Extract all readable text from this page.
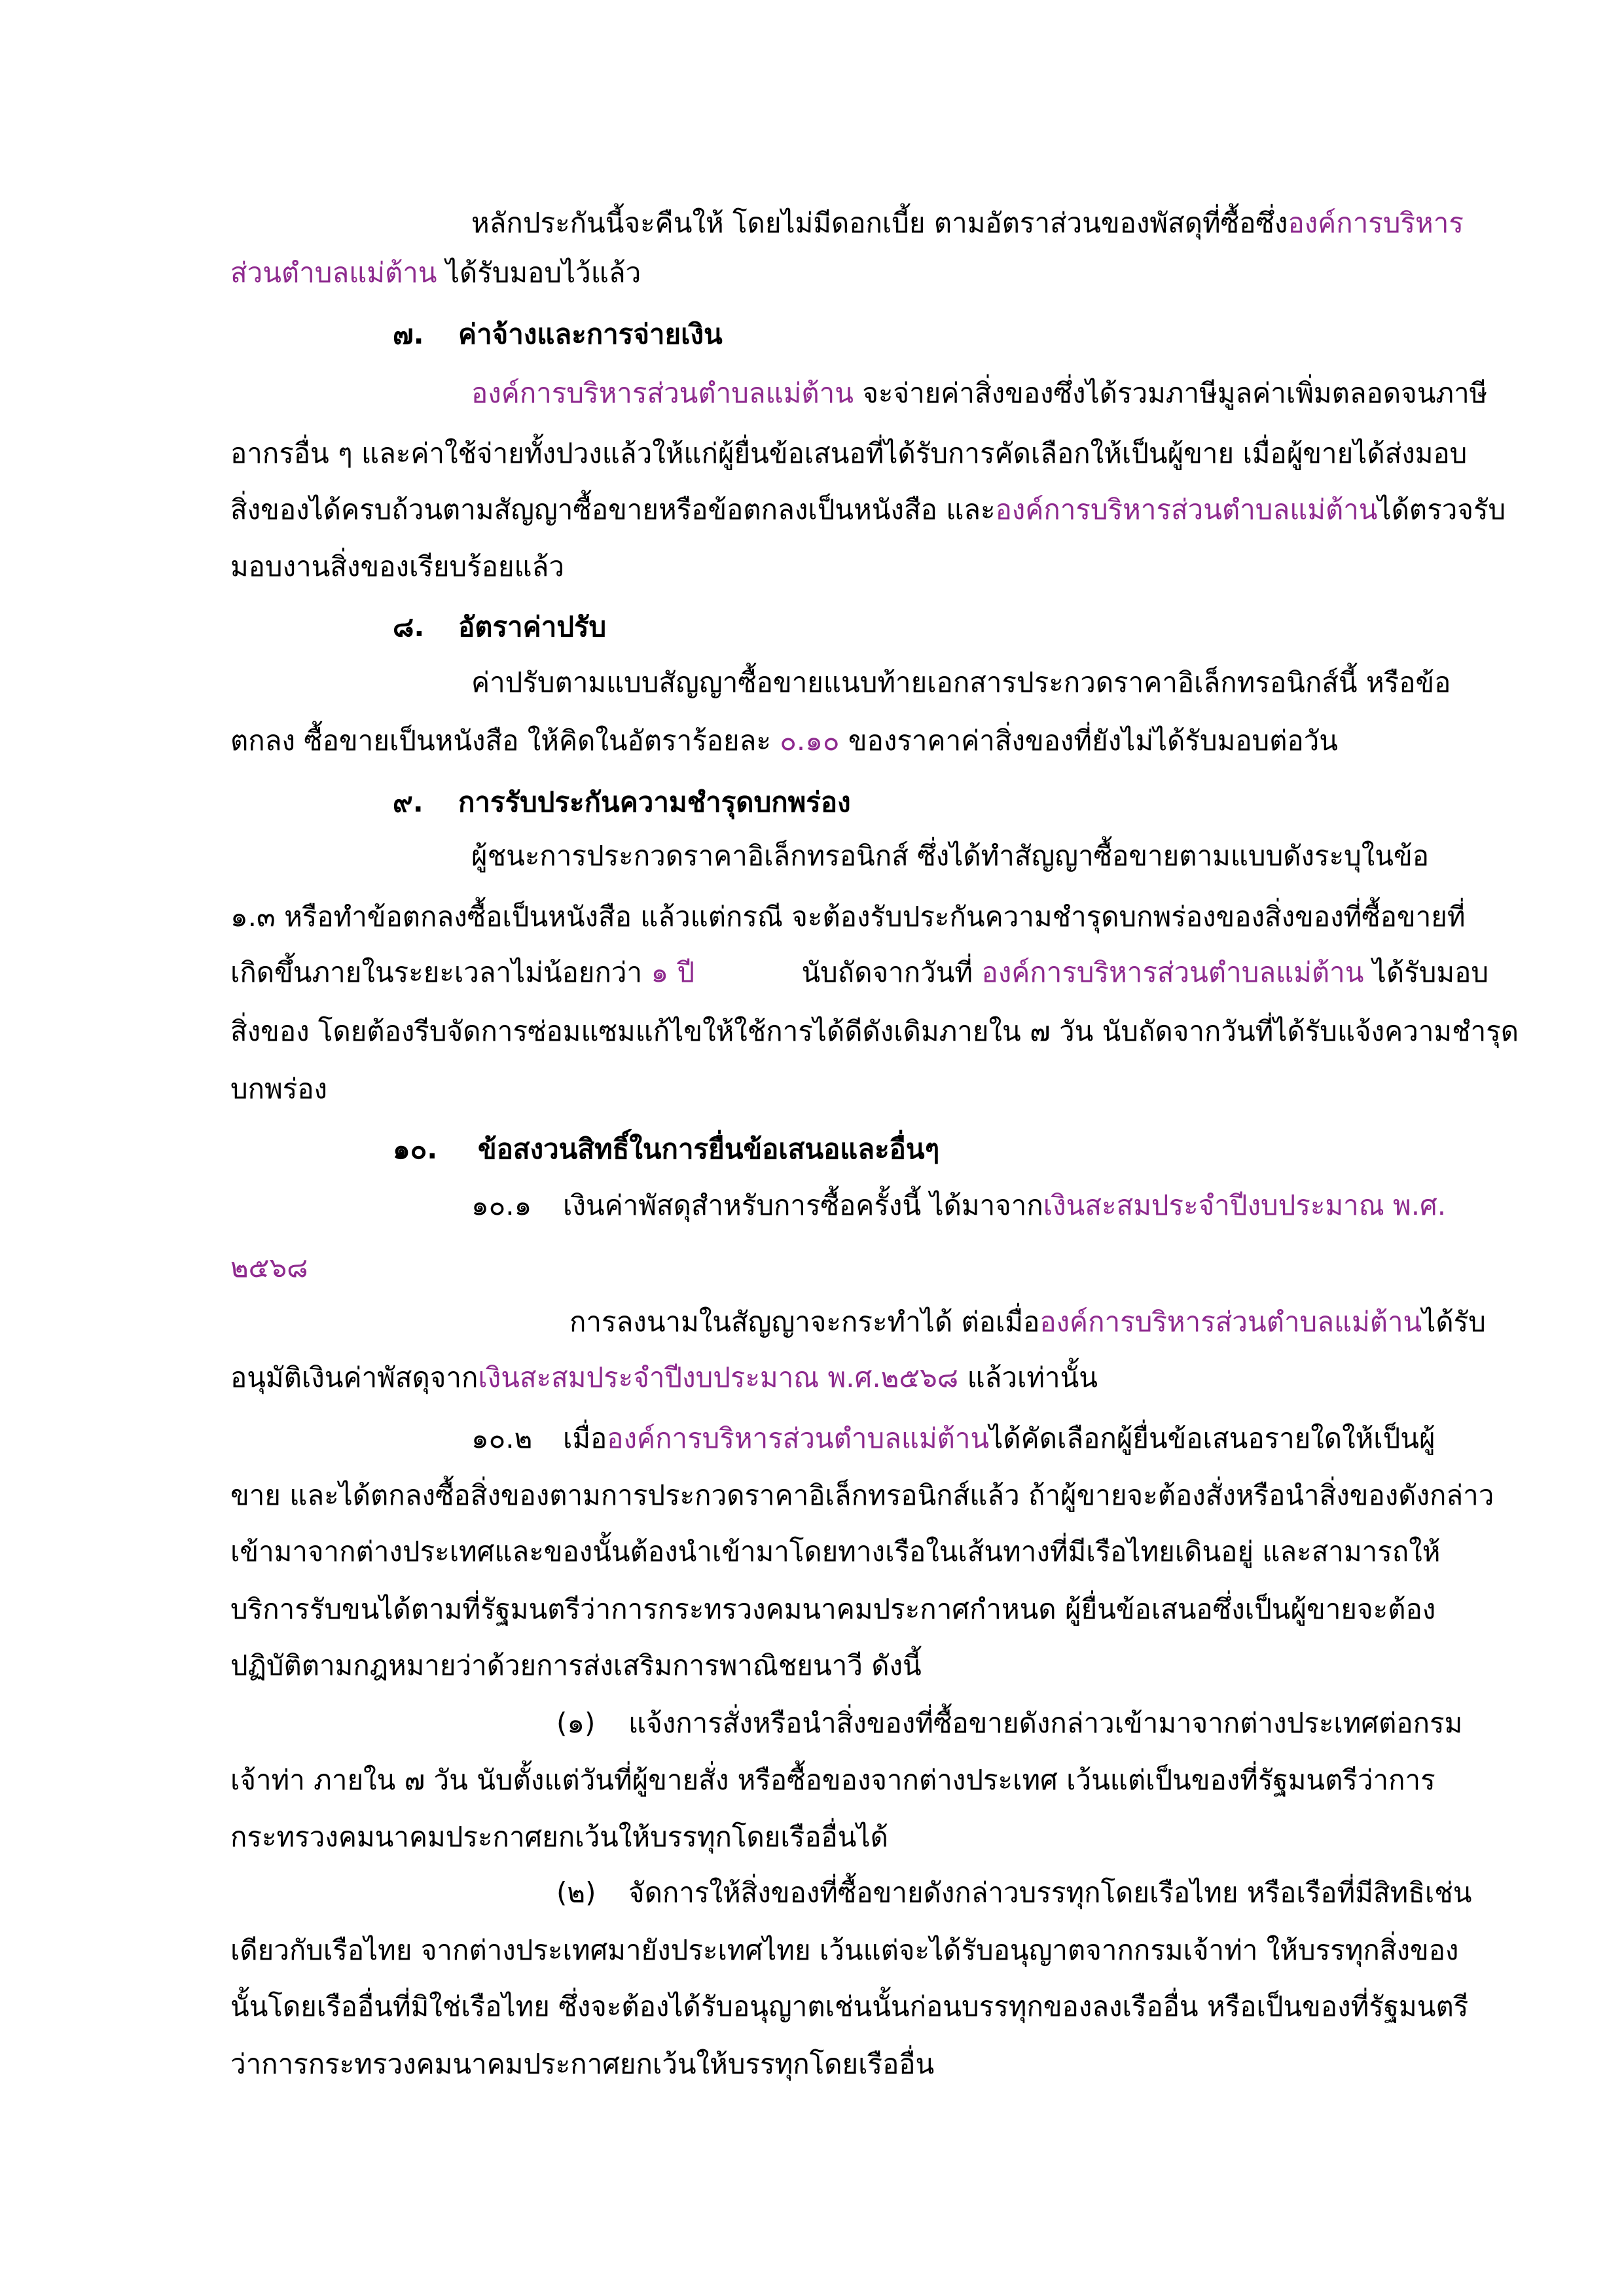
หลักประกันนี้จะคืนให้ โดยไม่มีดอกเบี้ย ตามอัตราส่วนของพัสดุที่ซื้อซึ่งองค์การบริหาร
ส่วนตำบลแม่ต้าน ได้รับมอบไว้แล้ว
๗. ค่าจ้างและการจ่ายเงิน
องค์การบริหารส่วนตำบลแม่ต้าน จะจ่ายค่าสิ่งของซึ่งได้รวมภาษีมูลค่าเพิ่มตลอดจนภาษี
อากรอื่น ๆ และค่าใช้จ่ายทั้งปวงแล้วให้แก่ผู้ยื่นข้อเสนอที่ได้รับการคัดเลือกให้เป็นผู้ขาย เมื่อผู้ขายได้ส่งมอบ
สิ่งของได้ครบถ้วนตามสัญญาซื้อขายหรือข้อตกลงเป็นหนังสือ และองค์การบริหารส่วนตำบลแม่ต้านได้ตรวจรับ
มอบงานสิ่งของเรียบร้อยแล้ว
๘. อัตราค่าปรับ
ค่าปรับตามแบบสัญญาซื้อขายแนบท้ายเอกสารประกวดราคาอิเล็กทรอนิกส์นี้ หรือข้อ
ตกลง ซื้อขายเป็นหนังสือ ให้คิดในอัตราร้อยละ ๐.๑๐ ของราคาค่าสิ่งของที่ยังไม่ได้รับมอบต่อวัน
๙. การรับประกันความชำรุดบกพร่อง
ผู้ชนะการประกวดราคาอิเล็กทรอนิกส์ ซึ่งได้ทำสัญญาซื้อขายตามแบบดังระบุในข้อ
๑.๓ หรือทำข้อตกลงซื้อเป็นหนังสือ แล้วแต่กรณี จะต้องรับประกันความชำรุดบกพร่องของสิ่งของที่ซื้อขายที่
เกิดขึ้นภายในระยะเวลาไม่น้อยกว่า ๑ ปี	นับถัดจากวันที่ องค์การบริหารส่วนตำบลแม่ต้าน ได้รับมอบ
สิ่งของ โดยต้องรีบจัดการซ่อมแซมแก้ไขให้ใช้การได้ดีดังเดิมภายใน ๗ วัน นับถัดจากวันที่ได้รับแจ้งความชำรุด
บกพร่อง
๑๐. ข้อสงวนสิทธิ์ในการยื่นข้อเสนอและอื่นๆ
๑๐.๑ เงินค่าพัสดุสำหรับการซื้อครั้งนี้ ได้มาจากเงินสะสมประจำปีงบประมาณ พ.ศ.
๒๕๖๘
การลงนามในสัญญาจะกระทำได้ ต่อเมื่อองค์การบริหารส่วนตำบลแม่ต้านได้รับ
อนุมัติเงินค่าพัสดุจากเงินสะสมประจำปีงบประมาณ พ.ศ.๒๕๖๘ แล้วเท่านั้น
๑๐.๒ เมื่อองค์การบริหารส่วนตำบลแม่ต้านได้คัดเลือกผู้ยื่นข้อเสนอรายใดให้เป็นผู้
ขาย และได้ตกลงซื้อสิ่งของตามการประกวดราคาอิเล็กทรอนิกส์แล้ว ถ้าผู้ขายจะต้องสั่งหรือนำสิ่งของดังกล่าว
เข้ามาจากต่างประเทศและของนั้นต้องนำเข้ามาโดยทางเรือในเส้นทางที่มีเรือไทยเดินอยู่ และสามารถให้
บริการรับขนได้ตามที่รัฐมนตรีว่าการกระทรวงคมนาคมประกาศกำหนด ผู้ยื่นข้อเสนอซึ่งเป็นผู้ขายจะต้อง
ปฏิบัติตามกฎหมายว่าด้วยการส่งเสริมการพาณิชยนาวี ดังนี้
(๑) แจ้งการสั่งหรือนำสิ่งของที่ซื้อขายดังกล่าวเข้ามาจากต่างประเทศต่อกรม
เจ้าท่า ภายใน ๗ วัน นับตั้งแต่วันที่ผู้ขายสั่ง หรือซื้อของจากต่างประเทศ เว้นแต่เป็นของที่รัฐมนตรีว่าการ
กระทรวงคมนาคมประกาศยกเว้นให้บรรทุกโดยเรืออื่นได้
(๒) จัดการให้สิ่งของที่ซื้อขายดังกล่าวบรรทุกโดยเรือไทย หรือเรือที่มีสิทธิเช่น
เดียวกับเรือไทย จากต่างประเทศมายังประเทศไทย เว้นแต่จะได้รับอนุญาตจากกรมเจ้าท่า ให้บรรทุกสิ่งของ
นั้นโดยเรืออื่นที่มิใช่เรือไทย ซึ่งจะต้องได้รับอนุญาตเช่นนั้นก่อนบรรทุกของลงเรืออื่น หรือเป็นของที่รัฐมนตรี
ว่าการกระทรวงคมนาคมประกาศยกเว้นให้บรรทุกโดยเรืออื่น
